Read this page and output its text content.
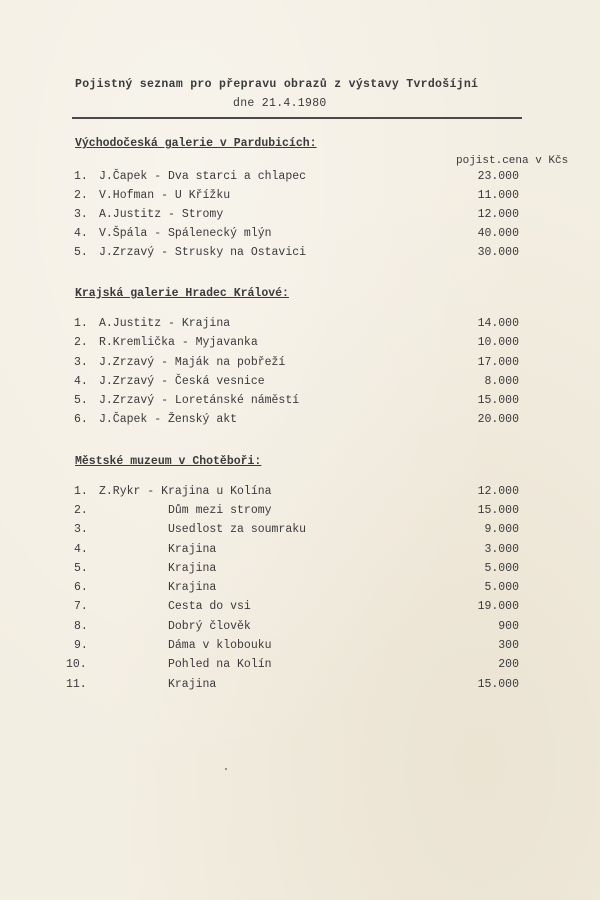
Pojistný seznam pro přepravu obrazů z výstavy Tvrdošíjní
dne 21.4.1980
Východočeská galerie v Pardubicích:
pojist.cena v Kčs
1. J.Čapek - Dva starci a chlapec	23.000
2. V.Hofman - U Křížku	11.000
3. A.Justitz - Stromy	12.000
4. V.Špála - Spálenecký mlýn	40.000
5. J.Zrzavý - Strusky na Ostavici	30.000
Krajská galerie Hradec Králové:
1. A.Justitz - Krajina	14.000
2. R.Kremlička - Myjavanka	10.000
3. J.Zrzavý - Maják na pobřeží	17.000
4. J.Zrzavý - Česká vesnice	8.000
5. J.Zrzavý - Loretánské náměstí	15.000
6. J.Čapek - Ženský akt	20.000
Městské muzeum v Chotěboři:
1. Z.Rykr - Krajina u Kolína	12.000
2.	Dům mezi stromy	15.000
3.	Usedlost za soumraku	9.000
4.	Krajina	3.000
5.	Krajina	5.000
6.	Krajina	5.000
7.	Cesta do vsi	19.000
8.	Dobrý člověk	900
9.	Dáma v klobouku	300
10.	Pohled na Kolín	200
11.	Krajina	15.000
